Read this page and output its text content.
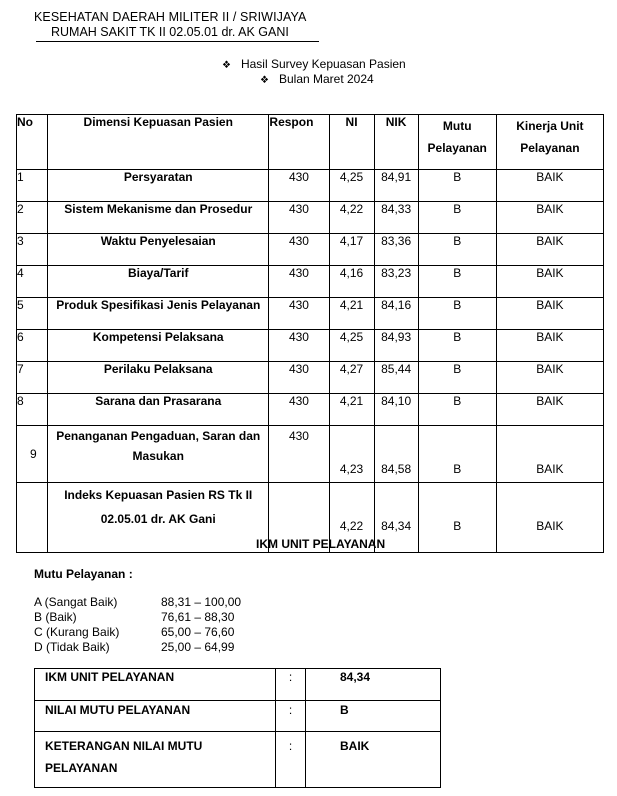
KESEHATAN DAERAH MILITER II / SRIWIJAYA
RUMAH SAKIT TK II 02.05.01 dr. AK GANI
❖ Hasil Survey Kepuasan Pasien
❖ Bulan Maret 2024
No	Dimensi Kepuasan Pasien	Respon	NI	NIK	Mutu Pelayanan	Kinerja Unit Pelayanan
1	Persyaratan	430	4,25	84,91	B	BAIK
2	Sistem Mekanisme dan Prosedur	430	4,22	84,33	B	BAIK
3	Waktu Penyelesaian	430	4,17	83,36	B	BAIK
4	Biaya/Tarif	430	4,16	83,23	B	BAIK
5	Produk Spesifikasi Jenis Pelayanan	430	4,21	84,16	B	BAIK
6	Kompetensi Pelaksana	430	4,25	84,93	B	BAIK
7	Perilaku Pelaksana	430	4,27	85,44	B	BAIK
8	Sarana dan Prasarana	430	4,21	84,10	B	BAIK
9	Penanganan Pengaduan, Saran dan Masukan	430	4,23	84,58	B	BAIK
	Indeks Kepuasan Pasien RS Tk II 02.05.01 dr. AK Gani		4,22	84,34	B	BAIK
IKM UNIT PELAYANAN
Mutu Pelayanan :
A (Sangat Baik)	88,31 – 100,00
B (Baik)	76,61 – 88,30
C (Kurang Baik)	65,00 – 76,60
D (Tidak Baik)	25,00 – 64,99
IKM UNIT PELAYANAN	:	84,34
NILAI MUTU PELAYANAN	:	B
KETERANGAN NILAI MUTU PELAYANAN	:	BAIK
